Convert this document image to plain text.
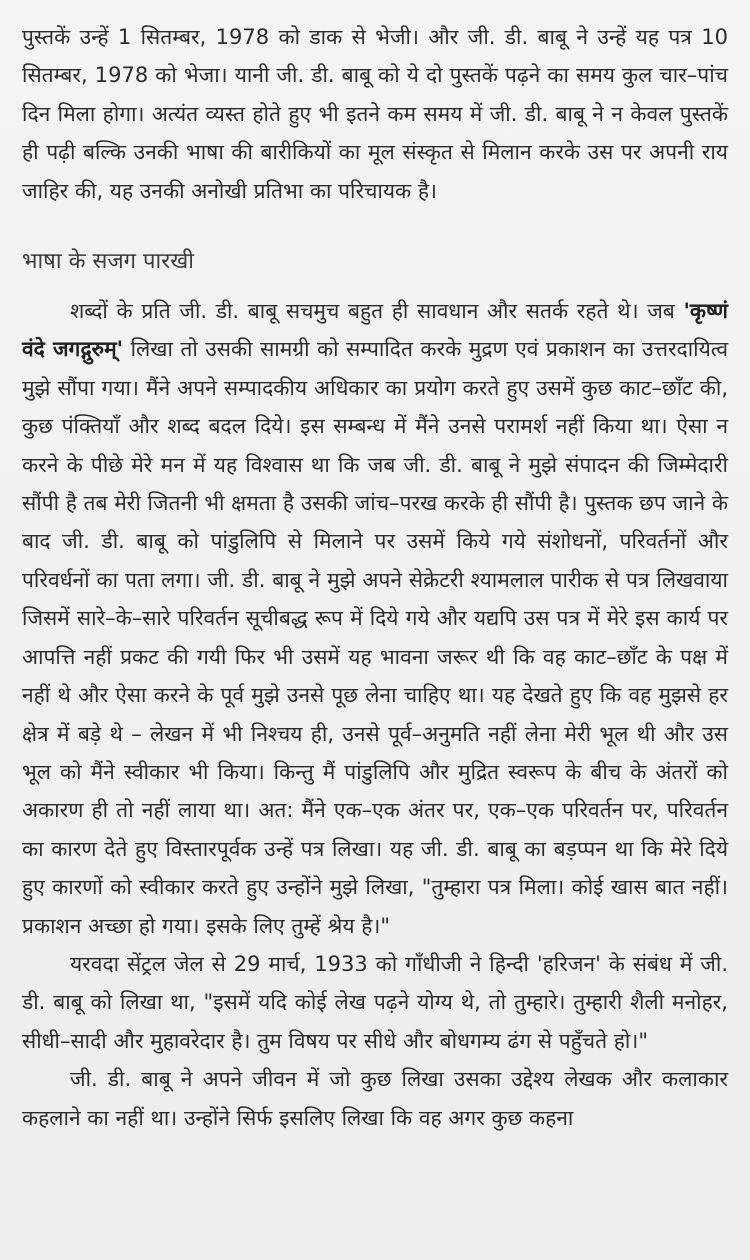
पुस्तकें उन्हें 1 सितम्बर, 1978 को डाक से भेजी। और जी. डी. बाबू ने उन्हें यह पत्र 10 सितम्बर, 1978 को भेजा। यानी जी. डी. बाबू को ये दो पुस्तकें पढ़ने का समय कुल चार–पांच दिन मिला होगा। अत्यंत व्यस्त होते हुए भी इतने कम समय में जी. डी. बाबू ने न केवल पुस्तकें ही पढ़ी बल्कि उनकी भाषा की बारीकियों का मूल संस्कृत से मिलान करके उस पर अपनी राय जाहिर की, यह उनकी अनोखी प्रतिभा का परिचायक है।

भाषा के सजग पारखी

शब्दों के प्रति जी. डी. बाबू सचमुच बहुत ही सावधान और सतर्क रहते थे। जब 'कृष्णं वंदे जगद्गुरुम्' लिखा तो उसकी सामग्री को सम्पादित करके मुद्रण एवं प्रकाशन का उत्तरदायित्व मुझे सौंपा गया। मैंने अपने सम्पादकीय अधिकार का प्रयोग करते हुए उसमें कुछ काट–छाँट की, कुछ पंक्तियाँ और शब्द बदल दिये। इस सम्बन्ध में मैंने उनसे परामर्श नहीं किया था। ऐसा न करने के पीछे मेरे मन में यह विश्वास था कि जब जी. डी. बाबू ने मुझे संपादन की जिम्मेदारी सौंपी है तब मेरी जितनी भी क्षमता है उसकी जांच–परख करके ही सौंपी है। पुस्तक छप जाने के बाद जी. डी. बाबू को पांडुलिपि से मिलाने पर उसमें किये गये संशोधनों, परिवर्तनों और परिवर्धनों का पता लगा। जी. डी. बाबू ने मुझे अपने सेक्रेटरी श्यामलाल पारीक से पत्र लिखवाया जिसमें सारे–के–सारे परिवर्तन सूचीबद्ध रूप में दिये गये और यद्यपि उस पत्र में मेरे इस कार्य पर आपत्ति नहीं प्रकट की गयी फिर भी उसमें यह भावना जरूर थी कि वह काट–छाँट के पक्ष में नहीं थे और ऐसा करने के पूर्व मुझे उनसे पूछ लेना चाहिए था। यह देखते हुए कि वह मुझसे हर क्षेत्र में बड़े थे – लेखन में भी निश्चय ही, उनसे पूर्व–अनुमति नहीं लेना मेरी भूल थी और उस भूल को मैंने स्वीकार भी किया। किन्तु मैं पांडुलिपि और मुद्रित स्वरूप के बीच के अंतरों को अकारण ही तो नहीं लाया था। अत: मैंने एक–एक अंतर पर, एक–एक परिवर्तन पर, परिवर्तन का कारण देते हुए विस्तारपूर्वक उन्हें पत्र लिखा। यह जी. डी. बाबू का बड़प्पन था कि मेरे दिये हुए कारणों को स्वीकार करते हुए उन्होंने मुझे लिखा, "तुम्हारा पत्र मिला। कोई खास बात नहीं। प्रकाशन अच्छा हो गया। इसके लिए तुम्हें श्रेय है।"

यरवदा सेंट्रल जेल से 29 मार्च, 1933 को गाँधीजी ने हिन्दी 'हरिजन' के संबंध में जी. डी. बाबू को लिखा था, "इसमें यदि कोई लेख पढ़ने योग्य थे, तो तुम्हारे। तुम्हारी शैली मनोहर, सीधी–सादी और मुहावरेदार है। तुम विषय पर सीधे और बोधगम्य ढंग से पहुँचते हो।"

जी. डी. बाबू ने अपने जीवन में जो कुछ लिखा उसका उद्देश्य लेखक और कलाकार कहलाने का नहीं था। उन्होंने सिर्फ इसलिए लिखा कि वह अगर कुछ कहना
